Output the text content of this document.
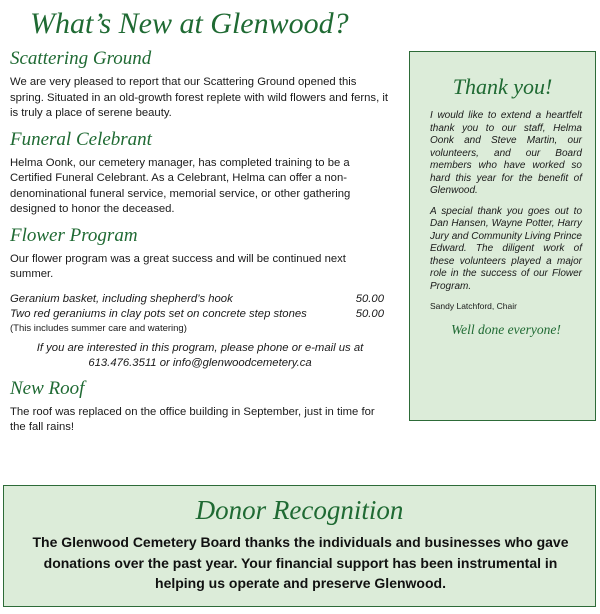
What’s New at Glenwood?
Scattering Ground

We are very pleased to report that our Scattering Ground opened this spring. Situated in an old-growth forest replete with wild flowers and ferns, it is truly a place of serene beauty.

Funeral Celebrant

Helma Oonk, our cemetery manager, has completed training to be a Certified Funeral Celebrant. As a Celebrant, Helma can offer a non-denominational funeral service, memorial service, or other gathering designed to honor the deceased.

Flower Program

Our flower program was a great success and will be continued next summer.

Geranium basket, including shepherd’s hook	50.00
Two red geraniums in clay pots set on concrete step stones	50.00
(This includes summer care and watering)
If you are interested in this program, please phone or e-mail us at
613.476.3511 or info@glenwoodcemetery.ca
New Roof

The roof was replaced on the office building in September, just in time for the fall rains!

Thank you!

I would like to extend a heartfelt thank you to our staff, Helma Oonk and Steve Martin, our volunteers, and our Board members who have worked so hard this year for the benefit of Glenwood.

A special thank you goes out to Dan Hansen, Wayne Potter, Harry Jury and Community Living Prince Edward. The diligent work of these volunteers played a major role in the success of our Flower Program.

Sandy Latchford, Chair
Well done everyone!
Donor Recognition
The Glenwood Cemetery Board thanks the individuals and businesses who gave donations over the past year. Your financial support has been instrumental in helping us operate and preserve Glenwood.
